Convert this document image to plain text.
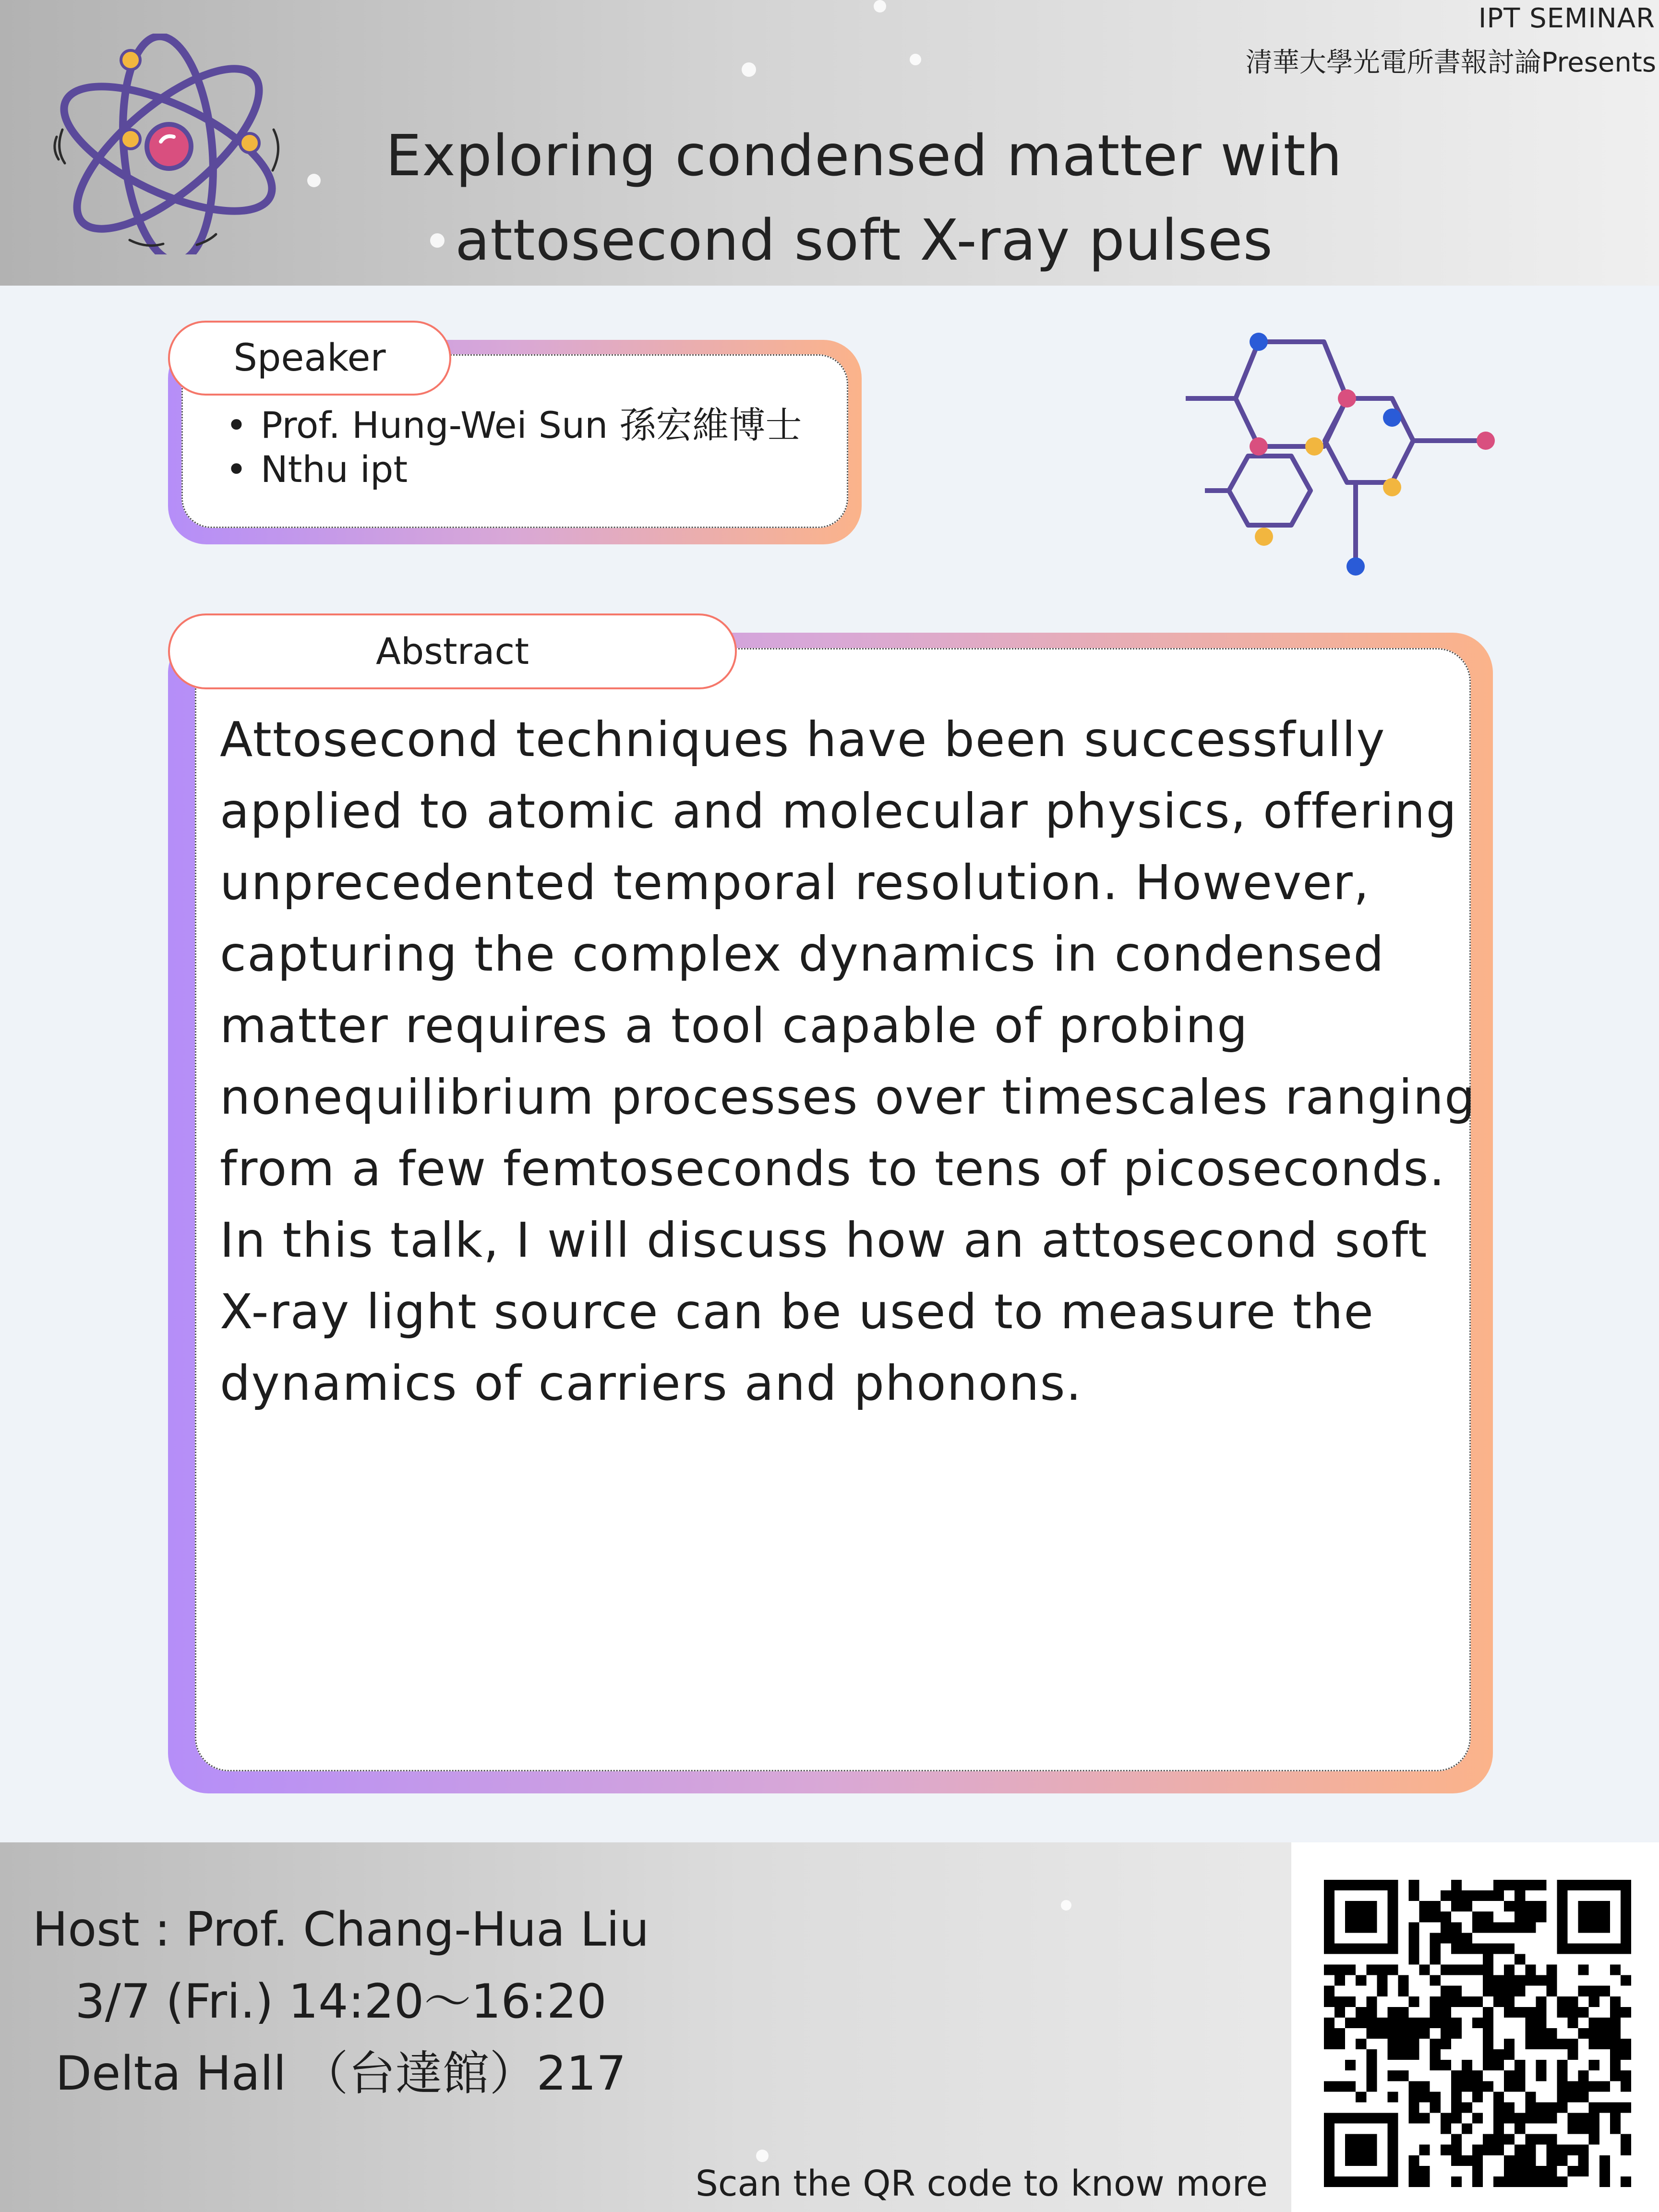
IPT SEMINAR
清華大學光電所書報討論Presents
Exploring condensed matter with
attosecond soft X-ray pulses
Speaker
• Prof. Hung-Wei Sun 孫宏維博士
• Nthu ipt
Abstract
Attosecond techniques have been successfully
applied to atomic and molecular physics, offering
unprecedented temporal resolution. However,
capturing the complex dynamics in condensed
matter requires a tool capable of probing
nonequilibrium processes over timescales ranging
from a few femtoseconds to tens of picoseconds.
In this talk, I will discuss how an attosecond soft
X-ray light source can be used to measure the
dynamics of carriers and phonons.
Host : Prof. Chang-Hua Liu
3/7 (Fri.) 14:20～16:20
Delta Hall （台達館）217
Scan the QR code to know more
